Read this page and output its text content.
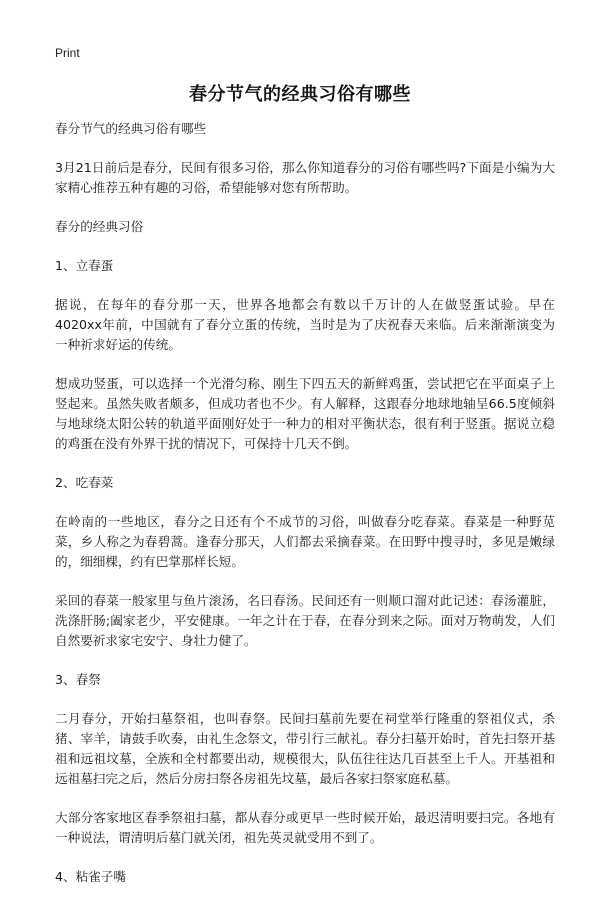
Print
春分节气的经典习俗有哪些

春分节气的经典习俗有哪些

3月21日前后是春分，民间有很多习俗，那么你知道春分的习俗有哪些吗?下面是小编为大家精心推荐五种有趣的习俗，希望能够对您有所帮助。

春分的经典习俗

1、立春蛋

据说，在每年的春分那一天，世界各地都会有数以千万计的人在做竖蛋试验。早在4020xx年前，中国就有了春分立蛋的传统，当时是为了庆祝春天来临。后来渐渐演变为一种祈求好运的传统。

想成功竖蛋，可以选择一个光滑匀称、刚生下四五天的新鲜鸡蛋，尝试把它在平面桌子上竖起来。虽然失败者颇多，但成功者也不少。有人解释，这跟春分地球地轴呈66.5度倾斜与地球绕太阳公转的轨道平面刚好处于一种力的相对平衡状态，很有利于竖蛋。据说立稳的鸡蛋在没有外界干扰的情况下，可保持十几天不倒。

2、吃春菜

在岭南的一些地区，春分之日还有个不成节的习俗，叫做春分吃春菜。春菜是一种野苋菜，乡人称之为春碧蒿。逢春分那天，人们都去采摘春菜。在田野中搜寻时，多见是嫩绿的，细细棵，约有巴掌那样长短。

采回的春菜一般家里与鱼片滚汤，名曰春汤。民间还有一则顺口溜对此记述：春汤灌脏，洗涤肝肠;阖家老少，平安健康。一年之计在于春，在春分到来之际。面对万物萌发，人们自然要祈求家宅安宁、身壮力健了。

3、春祭

二月春分，开始扫墓祭祖，也叫春祭。民间扫墓前先要在祠堂举行隆重的祭祖仪式，杀猪、宰羊，请鼓手吹奏，由礼生念祭文，带引行三献礼。春分扫墓开始时，首先扫祭开基祖和远祖坟墓，全族和全村都要出动，规模很大，队伍往往达几百甚至上千人。开基祖和远祖墓扫完之后，然后分房扫祭各房祖先坟墓，最后各家扫祭家庭私墓。

大部分客家地区春季祭祖扫墓，都从春分或更早一些时候开始，最迟清明要扫完。各地有一种说法，谓清明后墓门就关闭，祖先英灵就受用不到了。

4、粘雀子嘴
